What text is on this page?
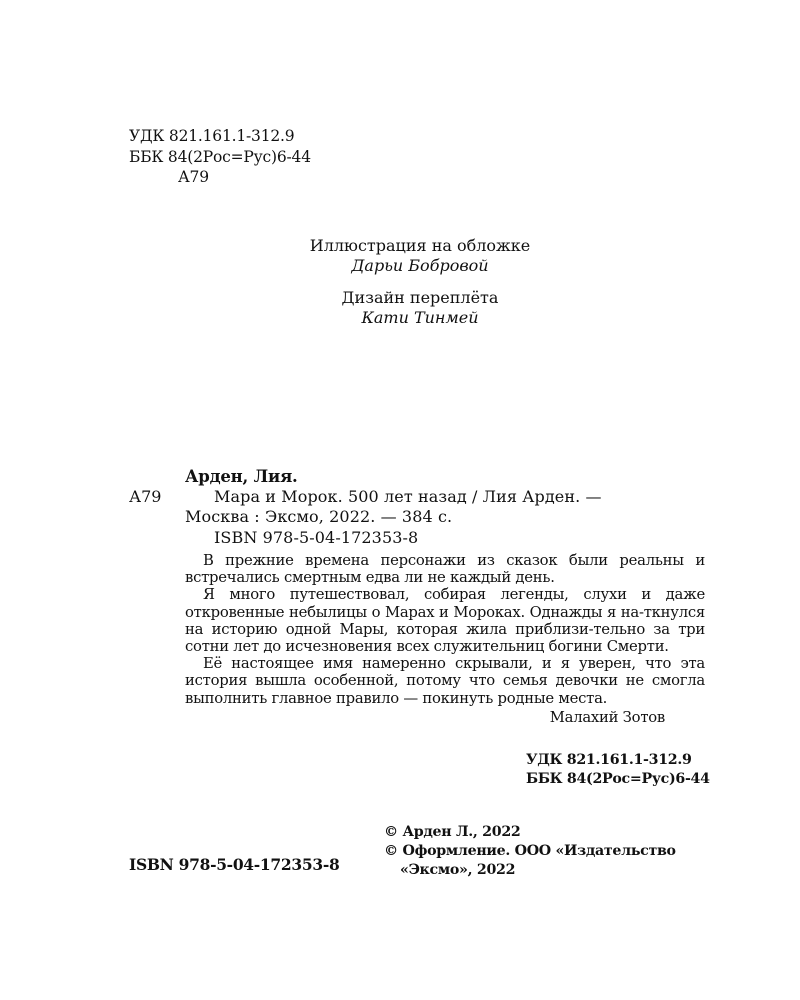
УДК 821.161.1-312.9
ББК 84(2Рос=Рус)6-44
А79
Иллюстрация на обложке
Дарьи Бобровой
Дизайн переплёта
Кати Тинмей
Арден, Лия.
А79	Мара и Морок. 500 лет назад / Лия Арден. —
Москва : Эксмо, 2022. — 384 с.
ISBN 978-5-04-172353-8

В прежние времена персонажи из сказок были реальны и встречались смертным едва ли не каждый день.

Я много путешествовал, собирая легенды, слухи и даже откровенные небылицы о Марах и Мороках. Однажды я на-ткнулся на историю одной Мары, которая жила приблизи-тельно за три сотни лет до исчезновения всех служительниц богини Смерти.

Её настоящее имя намеренно скрывали, и я уверен, что эта история вышла особенной, потому что семья девочки не смогла выполнить главное правило — покинуть родные места.

Малахий Зотов

УДК 821.161.1-312.9
ББК 84(2Рос=Рус)6-44
© Арден Л., 2022
© Оформление. ООО «Издательство
«Эксмо», 2022
ISBN 978-5-04-172353-8
